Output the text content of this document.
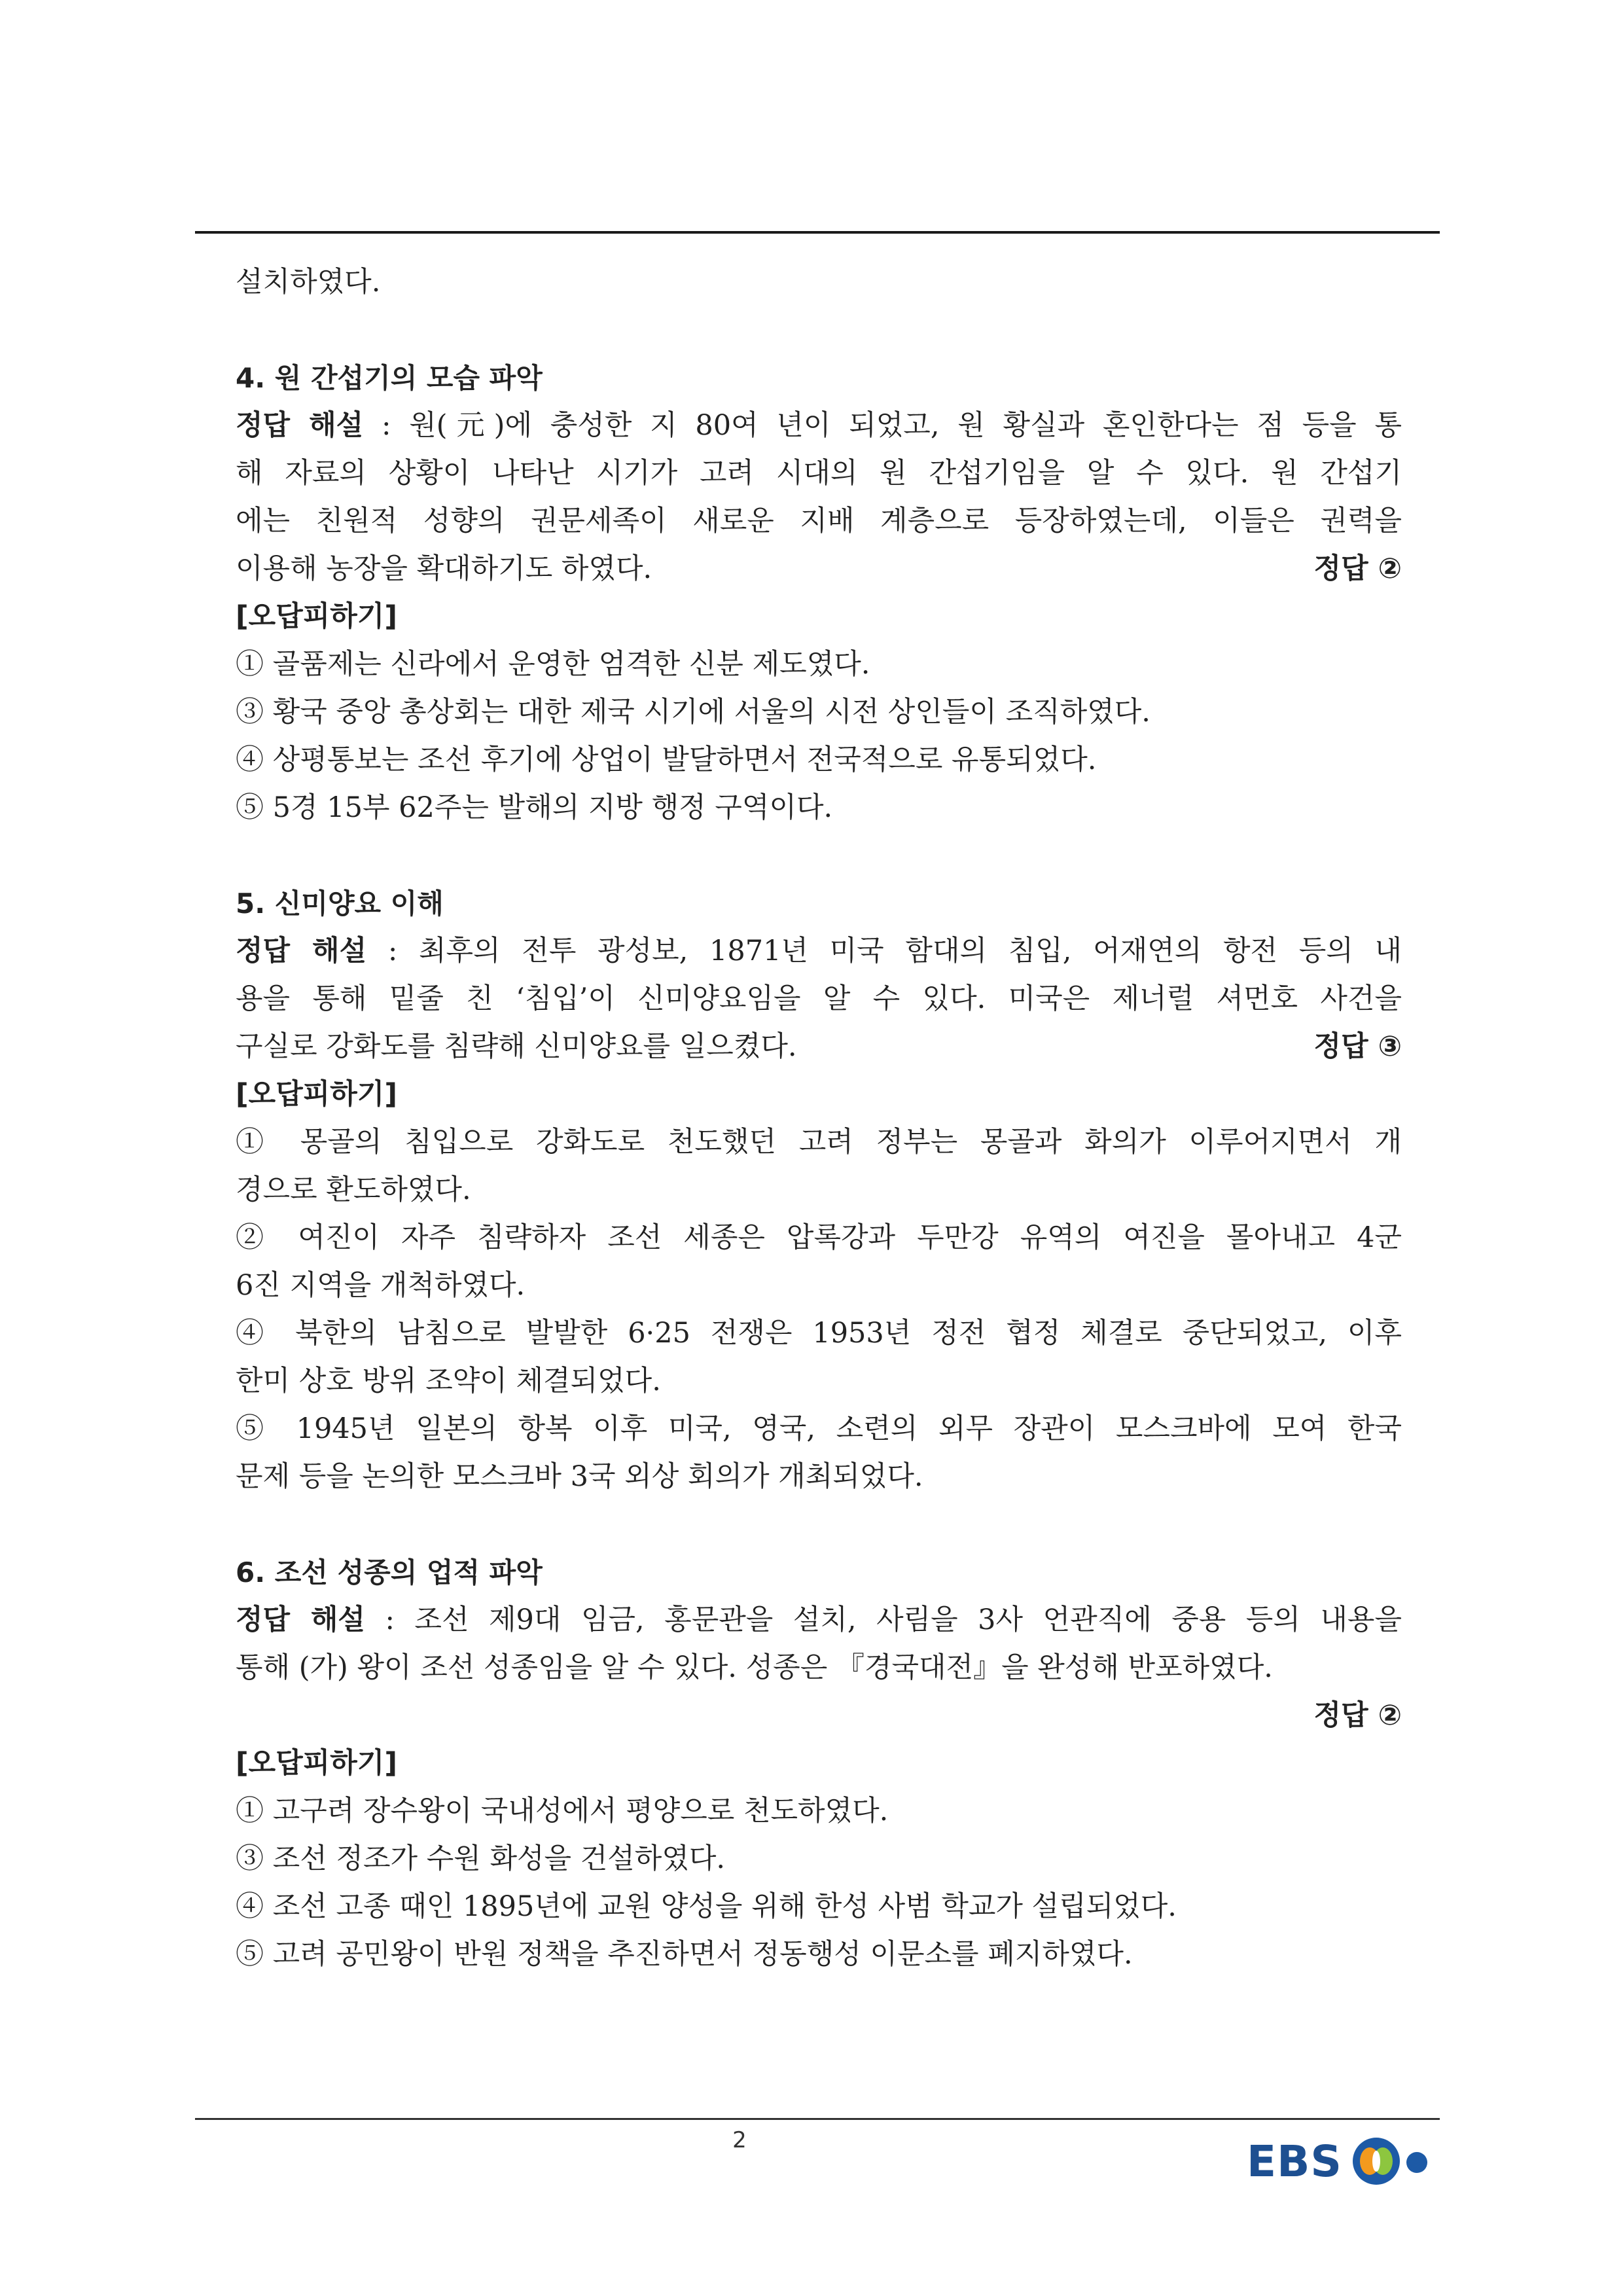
설치하였다.
4. 원 간섭기의 모습 파악
정답 해설 : 원(元)에 충성한 지 80여 년이 되었고, 원 황실과 혼인한다는 점 등을 통
해 자료의 상황이 나타난 시기가 고려 시대의 원 간섭기임을 알 수 있다. 원 간섭기
에는 친원적 성향의 권문세족이 새로운 지배 계층으로 등장하였는데, 이들은 권력을
이용해 농장을 확대하기도 하였다.	정답 ②
[오답피하기]
① 골품제는 신라에서 운영한 엄격한 신분 제도였다.
③ 황국 중앙 총상회는 대한 제국 시기에 서울의 시전 상인들이 조직하였다.
④ 상평통보는 조선 후기에 상업이 발달하면서 전국적으로 유통되었다.
⑤ 5경 15부 62주는 발해의 지방 행정 구역이다.
5. 신미양요 이해
정답 해설 : 최후의 전투 광성보, 1871년 미국 함대의 침입, 어재연의 항전 등의 내
용을 통해 밑줄 친 ‘침입’이 신미양요임을 알 수 있다. 미국은 제너럴 셔먼호 사건을
구실로 강화도를 침략해 신미양요를 일으켰다.	정답 ③
[오답피하기]
① 몽골의 침입으로 강화도로 천도했던 고려 정부는 몽골과 화의가 이루어지면서 개
경으로 환도하였다.
② 여진이 자주 침략하자 조선 세종은 압록강과 두만강 유역의 여진을 몰아내고 4군
6진 지역을 개척하였다.
④ 북한의 남침으로 발발한 6·25 전쟁은 1953년 정전 협정 체결로 중단되었고, 이후
한미 상호 방위 조약이 체결되었다.
⑤ 1945년 일본의 항복 이후 미국, 영국, 소련의 외무 장관이 모스크바에 모여 한국
문제 등을 논의한 모스크바 3국 외상 회의가 개최되었다.
6. 조선 성종의 업적 파악
정답 해설 : 조선 제9대 임금, 홍문관을 설치, 사림을 3사 언관직에 중용 등의 내용을
통해 (가) 왕이 조선 성종임을 알 수 있다. 성종은 『경국대전』을 완성해 반포하였다.
정답 ②
[오답피하기]
① 고구려 장수왕이 국내성에서 평양으로 천도하였다.
③ 조선 정조가 수원 화성을 건설하였다.
④ 조선 고종 때인 1895년에 교원 양성을 위해 한성 사범 학교가 설립되었다.
⑤ 고려 공민왕이 반원 정책을 추진하면서 정동행성 이문소를 폐지하였다.
2	EBS
